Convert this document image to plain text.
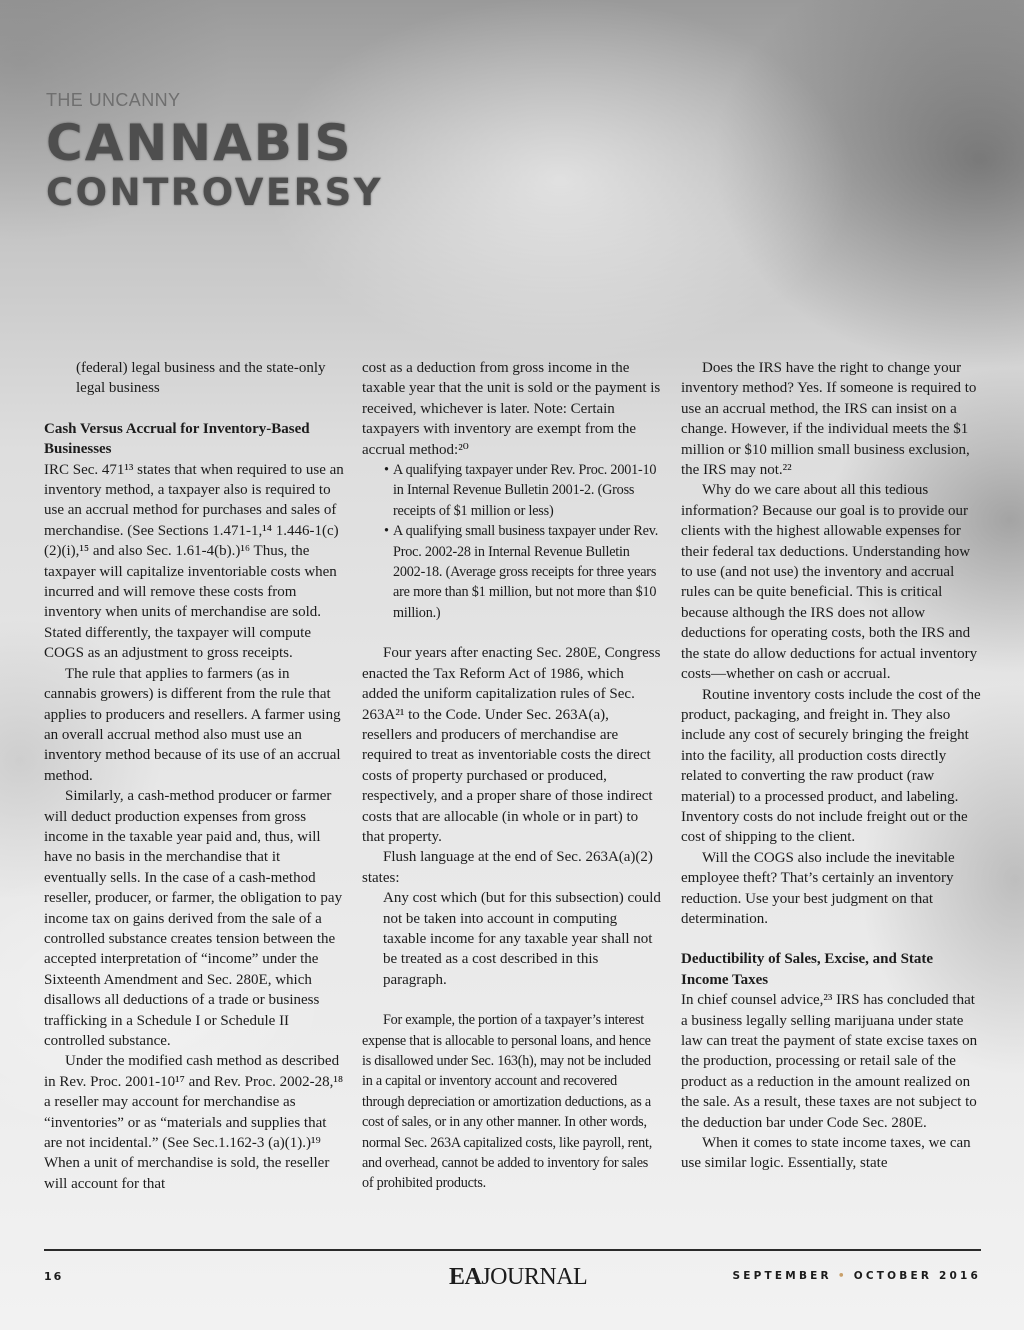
THE UNCANNY
CANNABIS
CONTROVERSY

(federal) legal business and the state-only legal business

Cash Versus Accrual for Inventory-Based Businesses

IRC Sec. 471¹³ states that when required to use an inventory method, a taxpayer also is required to use an accrual method for purchases and sales of merchandise. (See Sections 1.471-1,¹⁴ 1.446-1(c)(2)(i),¹⁵ and also Sec. 1.61-4(b).)¹⁶ Thus, the taxpayer will capitalize inventoriable costs when incurred and will remove these costs from inventory when units of merchandise are sold. Stated differently, the taxpayer will compute COGS as an adjustment to gross receipts.

The rule that applies to farmers (as in cannabis growers) is different from the rule that applies to producers and resellers. A farmer using an overall accrual method also must use an inventory method because of its use of an accrual method.

Similarly, a cash-method producer or farmer will deduct production expenses from gross income in the taxable year paid and, thus, will have no basis in the merchandise that it eventually sells. In the case of a cash-method reseller, producer, or farmer, the obligation to pay income tax on gains derived from the sale of a controlled substance creates tension between the accepted interpretation of “income” under the Sixteenth Amendment and Sec. 280E, which disallows all deductions of a trade or business trafficking in a Schedule I or Schedule II controlled substance.

Under the modified cash method as described in Rev. Proc. 2001-10¹⁷ and Rev. Proc. 2002-28,¹⁸ a reseller may account for merchandise as “inventories” or as “materials and supplies that are not incidental.” (See Sec.1.162-3 (a)(1).)¹⁹ When a unit of merchandise is sold, the reseller will account for that

cost as a deduction from gross income in the taxable year that the unit is sold or the payment is received, whichever is later. Note: Certain taxpayers with inventory are exempt from the accrual method:²⁰

• A qualifying taxpayer under Rev. Proc. 2001-10 in Internal Revenue Bulletin 2001-2. (Gross receipts of $1 million or less)
• A qualifying small business taxpayer under Rev. Proc. 2002-28 in Internal Revenue Bulletin 2002-18. (Average gross receipts for three years are more than $1 million, but not more than $10 million.)

Four years after enacting Sec. 280E, Congress enacted the Tax Reform Act of 1986, which added the uniform capitalization rules of Sec. 263A²¹ to the Code. Under Sec. 263A(a), resellers and producers of merchandise are required to treat as inventoriable costs the direct costs of property purchased or produced, respectively, and a proper share of those indirect costs that are allocable (in whole or in part) to that property.

Flush language at the end of Sec. 263A(a)(2) states:

Any cost which (but for this subsection) could not be taken into account in computing taxable income for any taxable year shall not be treated as a cost described in this paragraph.

For example, the portion of a taxpayer’s interest expense that is allocable to personal loans, and hence is disallowed under Sec. 163(h), may not be included in a capital or inventory account and recovered through depreciation or amortization deductions, as a cost of sales, or in any other manner. In other words, normal Sec. 263A capitalized costs, like payroll, rent, and overhead, cannot be added to inventory for sales of prohibited products.

Does the IRS have the right to change your inventory method? Yes. If someone is required to use an accrual method, the IRS can insist on a change. However, if the individual meets the $1 million or $10 million small business exclusion, the IRS may not.²²

Why do we care about all this tedious information? Because our goal is to provide our clients with the highest allowable expenses for their federal tax deductions. Understanding how to use (and not use) the inventory and accrual rules can be quite beneficial. This is critical because although the IRS does not allow deductions for operating costs, both the IRS and the state do allow deductions for actual inventory costs—whether on cash or accrual.

Routine inventory costs include the cost of the product, packaging, and freight in. They also include any cost of securely bringing the freight into the facility, all production costs directly related to converting the raw product (raw material) to a processed product, and labeling. Inventory costs do not include freight out or the cost of shipping to the client.

Will the COGS also include the inevitable employee theft? That’s certainly an inventory reduction. Use your best judgment on that determination.

Deductibility of Sales, Excise, and State Income Taxes

In chief counsel advice,²³ IRS has concluded that a business legally selling marijuana under state law can treat the payment of state excise taxes on the production, processing or retail sale of the product as a reduction in the amount realized on the sale. As a result, these taxes are not subject to the deduction bar under Code Sec. 280E.

When it comes to state income taxes, we can use similar logic. Essentially, state

16	EAJOURNAL	SEPTEMBER • OCTOBER 2016
